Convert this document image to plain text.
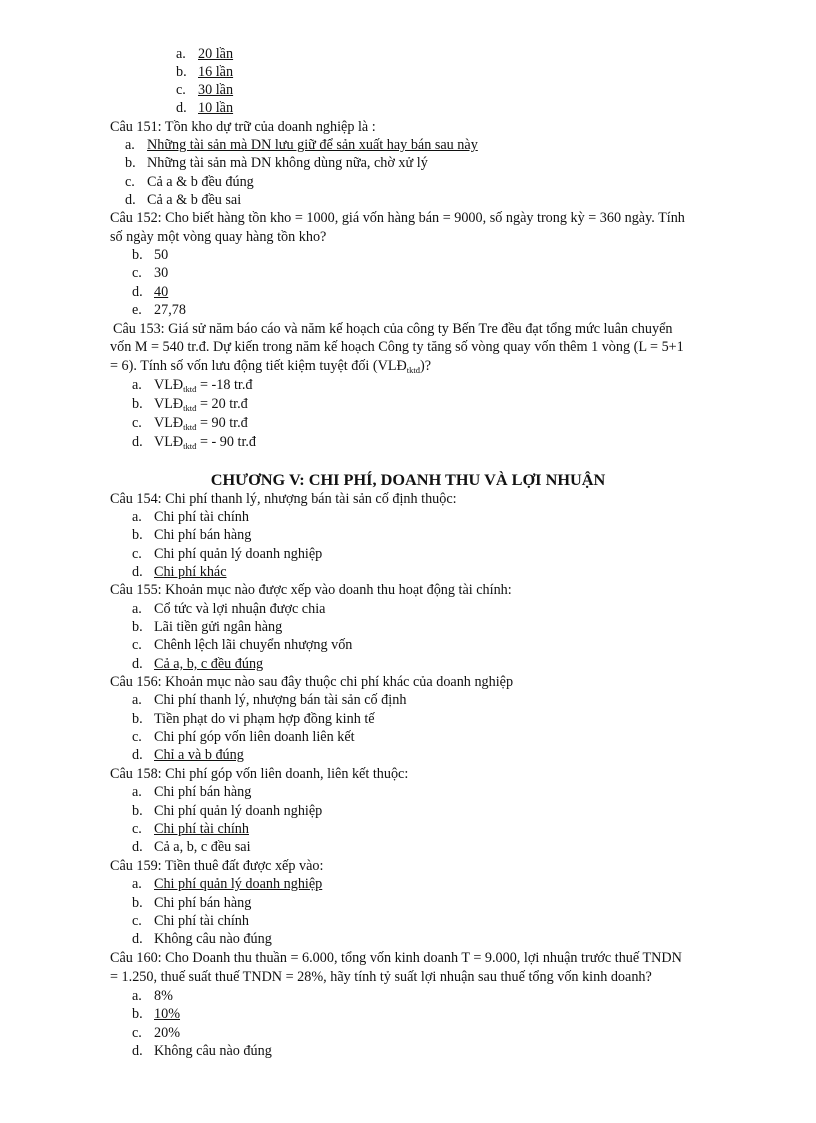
a. 20 lần
b. 16 lần
c. 30 lần
d. 10 lần
Câu 151: Tồn kho dự trữ của doanh nghiệp là :
a. Những tài sản mà DN lưu giữ để sản xuất hay bán sau này
b. Những tài sản mà DN không dùng nữa, chờ xử lý
c. Cả a & b đều đúng
d. Cả a & b đều sai
Câu 152: Cho biết hàng tồn kho = 1000, giá vốn hàng bán = 9000, số ngày trong kỳ = 360 ngày. Tính
số ngày một vòng quay hàng tồn kho?
b. 50
c. 30
d. 40
e. 27,78
Câu 153: Giá sử năm báo cáo và năm kế hoạch của công ty Bến Tre đều đạt tổng mức luân chuyển
vốn M = 540 tr.đ. Dự kiến trong năm kế hoạch Công ty tăng số vòng quay vốn thêm 1 vòng (L = 5+1
= 6). Tính số vốn lưu động tiết kiệm tuyệt đối $(VLĐ_{tktđ})$?
a. $VLĐ_{tktđ} = -18$ tr.đ
b. $VLĐ_{tktđ} = 20$ tr.đ
c. $VLĐ_{tktđ} = 90$ tr.đ
d. $VLĐ_{tktđ}$ = - 90 tr.đ
CHƯƠNG V: CHI PHÍ, DOANH THU VÀ LỢI NHUẬN
Câu 154: Chi phí thanh lý, nhượng bán tài sản cố định thuộc:
a. Chi phí tài chính
b. Chi phí bán hàng
c. Chi phí quản lý doanh nghiệp
d. Chi phí khác
Câu 155: Khoản mục nào được xếp vào doanh thu hoạt động tài chính:
a. Cổ tức và lợi nhuận được chia
b. Lãi tiền gửi ngân hàng
c. Chênh lệch lãi chuyển nhượng vốn
d. Cả a, b, c đều đúng
Câu 156: Khoản mục nào sau đây thuộc chi phí khác của doanh nghiệp
a. Chi phí thanh lý, nhượng bán tài sản cố định
b. Tiền phạt do vi phạm hợp đồng kinh tế
c. Chi phí góp vốn liên doanh liên kết
d. Chỉ a và b đúng
Câu 158: Chi phí góp vốn liên doanh, liên kết thuộc:
a. Chi phí bán hàng
b. Chi phí quản lý doanh nghiệp
c. Chi phí tài chính
d. Cả a, b, c đều sai
Câu 159: Tiền thuê đất được xếp vào:
a. Chi phí quản lý doanh nghiệp
b. Chi phí bán hàng
c. Chi phí tài chính
d. Không câu nào đúng
Câu 160: Cho Doanh thu thuần = 6.000, tổng vốn kinh doanh T = 9.000, lợi nhuận trước thuế TNDN
= 1.250, thuế suất thuế TNDN = 28%, hãy tính tỷ suất lợi nhuận sau thuế tổng vốn kinh doanh?
a. 8%
b. 10%
c. 20%
d. Không câu nào đúng
